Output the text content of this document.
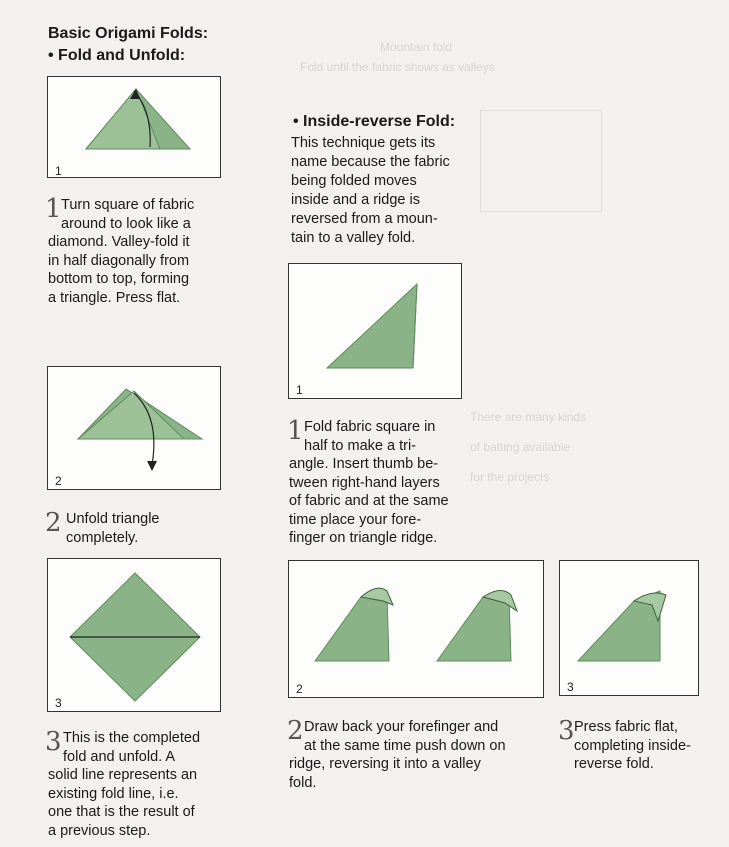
Mountain fold
Fold until the fabric shows as valleys
There are many kinds
of batting available
for the projects
Basic Origami Folds:
• Fold and Unfold:
1
1 Turn square of fabric
around to look like a
diamond. Valley-fold it
in half diagonally from
bottom to top, forming
a triangle. Press flat.
2
2 Unfold triangle
completely.
3
3 This is the completed
fold and unfold. A
solid line represents an
existing fold line, i.e.
one that is the result of
a previous step.
• Inside-reverse Fold:
This technique gets its
name because the fabric
being folded moves
inside and a ridge is
reversed from a moun-
tain to a valley fold.
1
1 Fold fabric square in
half to make a tri-
angle. Insert thumb be-
tween right-hand layers
of fabric and at the same
time place your fore-
finger on triangle ridge.
2
2 Draw back your forefinger and
at the same time push down on
ridge, reversing it into a valley
fold.
3
3 Press fabric flat,
completing inside-
reverse fold.
